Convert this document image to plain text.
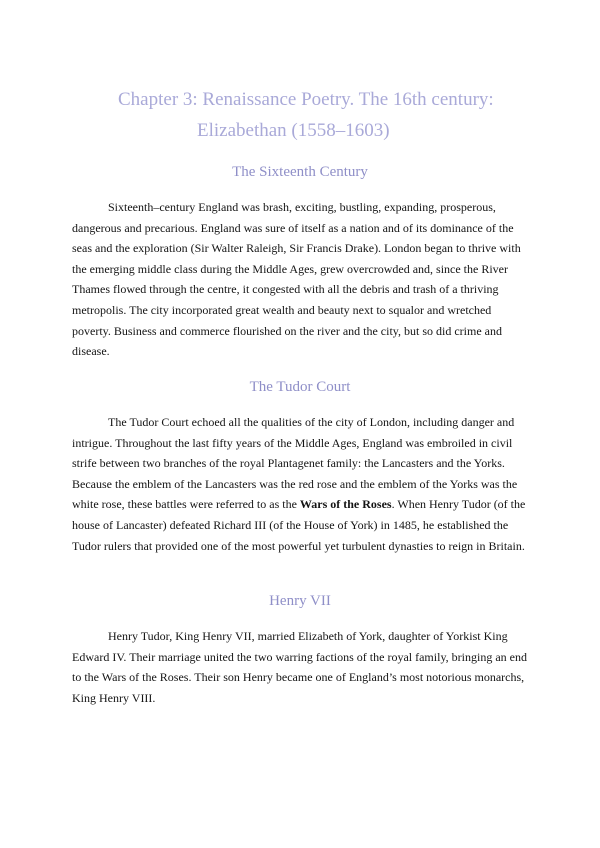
Chapter 3: Renaissance Poetry. The 16th century:
Elizabethan (1558–1603)
The Sixteenth Century

Sixteenth–century England was brash, exciting, bustling, expanding, prosperous, dangerous and precarious. England was sure of itself as a nation and of its dominance of the seas and the exploration (Sir Walter Raleigh, Sir Francis Drake). London began to thrive with the emerging middle class during the Middle Ages, grew overcrowded and, since the River Thames flowed through the centre, it congested with all the debris and trash of a thriving metropolis. The city incorporated great wealth and beauty next to squalor and wretched poverty. Business and commerce flourished on the river and the city, but so did crime and disease.

The Tudor Court

The Tudor Court echoed all the qualities of the city of London, including danger and intrigue. Throughout the last fifty years of the Middle Ages, England was embroiled in civil strife between two branches of the royal Plantagenet family: the Lancasters and the Yorks. Because the emblem of the Lancasters was the red rose and the emblem of the Yorks was the white rose, these battles were referred to as the Wars of the Roses. When Henry Tudor (of the house of Lancaster) defeated Richard III (of the House of York) in 1485, he established the Tudor rulers that provided one of the most powerful yet turbulent dynasties to reign in Britain.

Henry VII

Henry Tudor, King Henry VII, married Elizabeth of York, daughter of Yorkist King Edward IV. Their marriage united the two warring factions of the royal family, bringing an end to the Wars of the Roses. Their son Henry became one of England’s most notorious monarchs, King Henry VIII.
